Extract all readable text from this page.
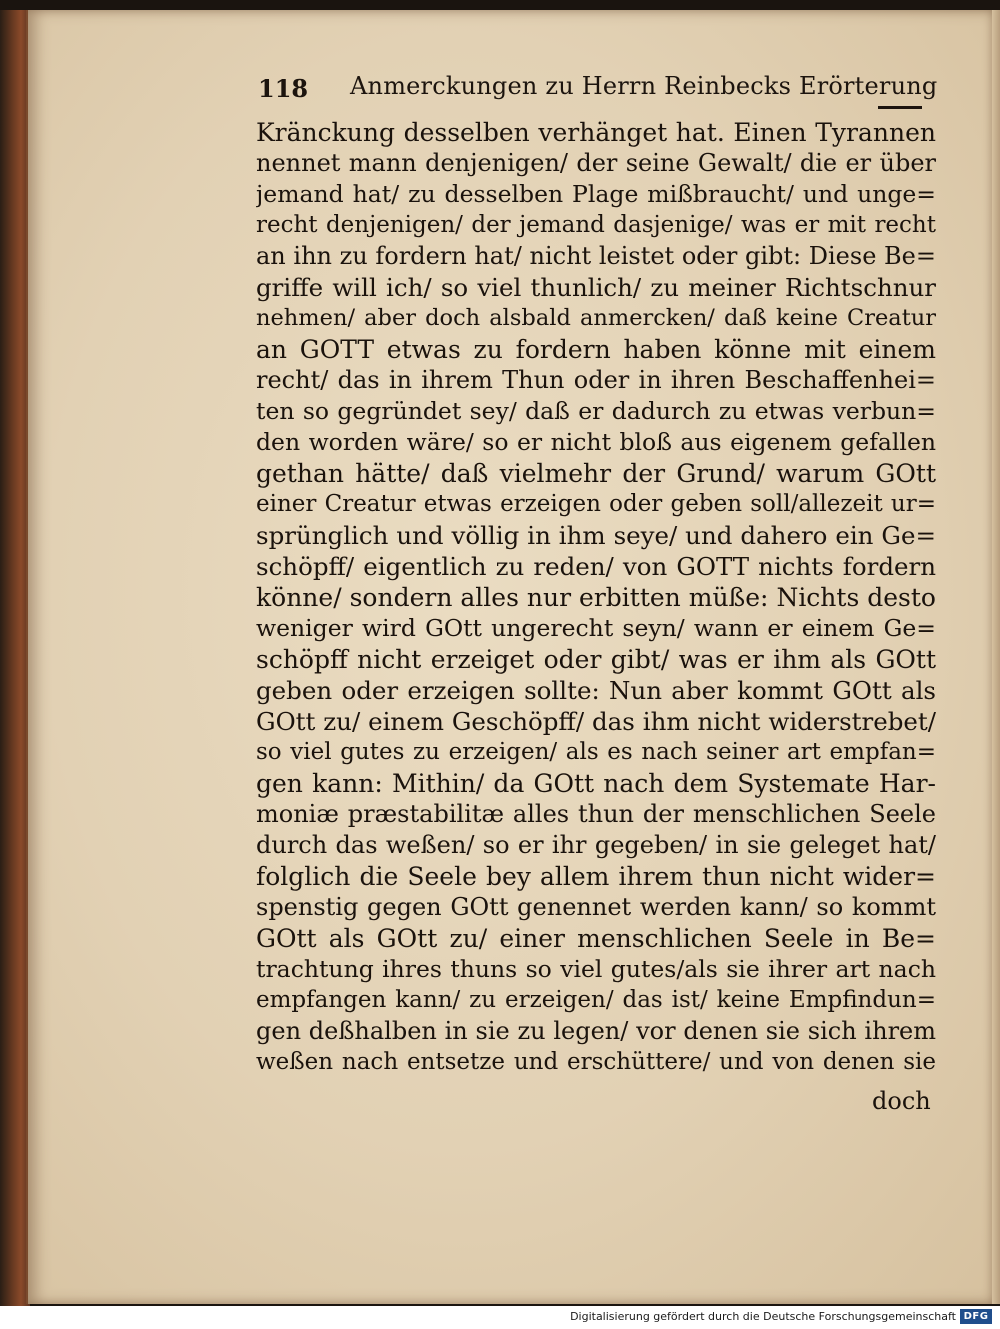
118 Anmerckungen zu Herrn Reinbecks Erörterung
Kränckung desselben verhänget hat. Einen Tyrannen
nennet mann denjenigen/ der seine Gewalt/ die er über
jemand hat/ zu desselben Plage mißbraucht/ und unge=
recht denjenigen/ der jemand dasjenige/ was er mit recht
an ihn zu fordern hat/ nicht leistet oder gibt: Diese Be=
griffe will ich/ so viel thunlich/ zu meiner Richtschnur
nehmen/ aber doch alsbald anmercken/ daß keine Creatur
an GOTT etwas zu fordern haben könne mit einem
recht/ das in ihrem Thun oder in ihren Beschaffenhei=
ten so gegründet sey/ daß er dadurch zu etwas verbun=
den worden wäre/ so er nicht bloß aus eigenem gefallen
gethan hätte/ daß vielmehr der Grund/ warum GOtt
einer Creatur etwas erzeigen oder geben soll/allezeit ur=
sprünglich und völlig in ihm seye/ und dahero ein Ge=
schöpff/ eigentlich zu reden/ von GOTT nichts fordern
könne/ sondern alles nur erbitten müße: Nichts desto
weniger wird GOtt ungerecht seyn/ wann er einem Ge=
schöpff nicht erzeiget oder gibt/ was er ihm als GOtt
geben oder erzeigen sollte: Nun aber kommt GOtt als
GOtt zu/ einem Geschöpff/ das ihm nicht widerstrebet/
so viel gutes zu erzeigen/ als es nach seiner art empfan=
gen kann: Mithin/ da GOtt nach dem Systemate Har-
moniæ præstabilitæ alles thun der menschlichen Seele
durch das weßen/ so er ihr gegeben/ in sie geleget hat/
folglich die Seele bey allem ihrem thun nicht wider=
spenstig gegen GOtt genennet werden kann/ so kommt
GOtt als GOtt zu/ einer menschlichen Seele in Be=
trachtung ihres thuns so viel gutes/als sie ihrer art nach
empfangen kann/ zu erzeigen/ das ist/ keine Empfindun=
gen deßhalben in sie zu legen/ vor denen sie sich ihrem
weßen nach entsetze und erschüttere/ und von denen sie
doch
Digitalisierung gefördert durch die Deutsche Forschungsgemeinschaft DFG
